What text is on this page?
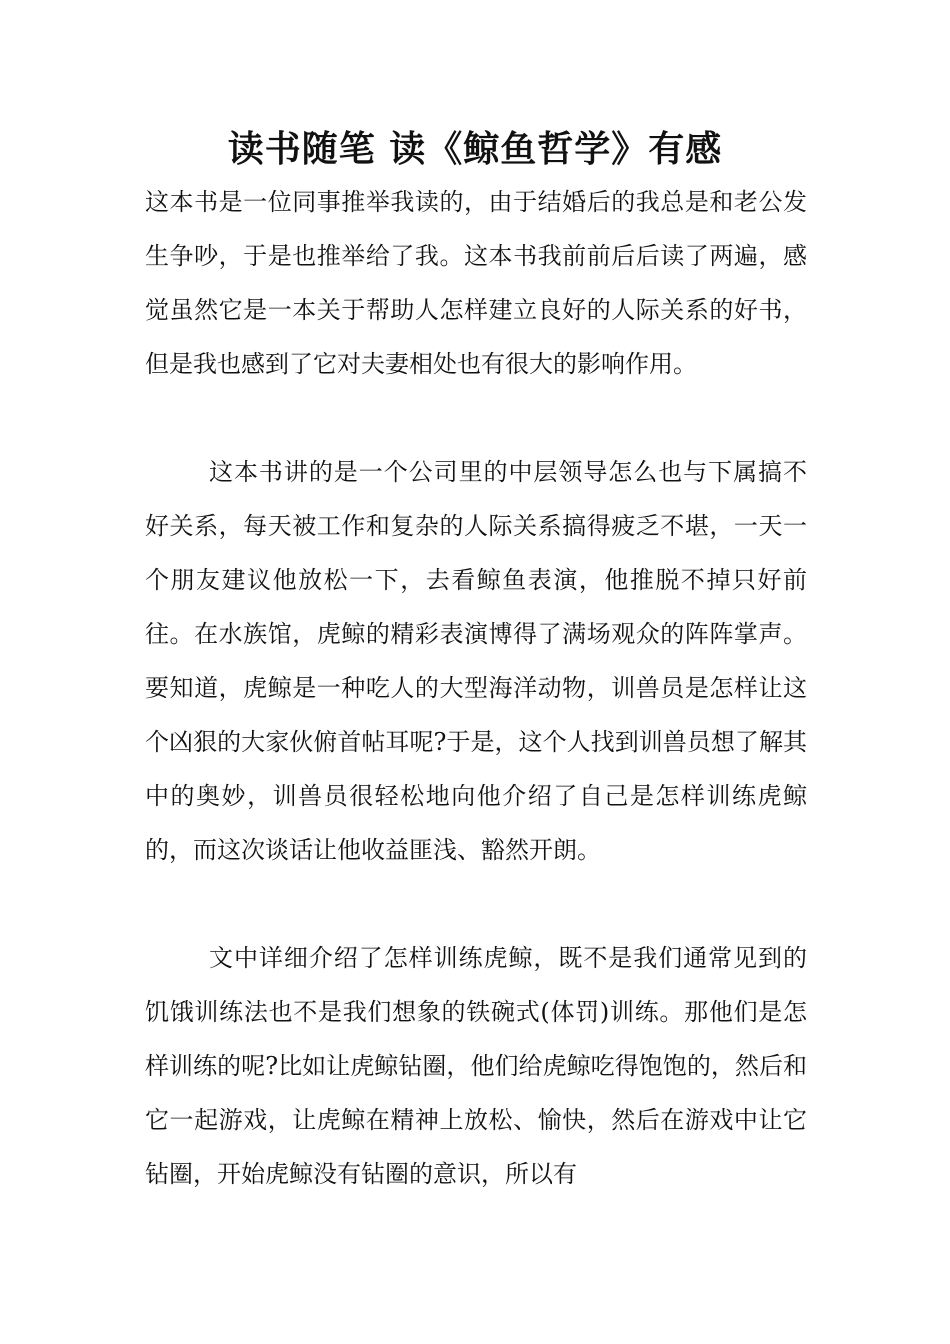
读书随笔 读《鲸鱼哲学》有感

这本书是一位同事推举我读的，由于结婚后的我总是和老公发生争吵，于是也推举给了我。这本书我前前后后读了两遍，感觉虽然它是一本关于帮助人怎样建立良好的人际关系的好书，但是我也感到了它对夫妻相处也有很大的影响作用。

这本书讲的是一个公司里的中层领导怎么也与下属搞不好关系，每天被工作和复杂的人际关系搞得疲乏不堪，一天一个朋友建议他放松一下，去看鲸鱼表演，他推脱不掉只好前往。在水族馆，虎鲸的精彩表演博得了满场观众的阵阵掌声。要知道，虎鲸是一种吃人的大型海洋动物，训兽员是怎样让这个凶狠的大家伙俯首帖耳呢?于是，这个人找到训兽员想了解其中的奥妙，训兽员很轻松地向他介绍了自己是怎样训练虎鲸的，而这次谈话让他收益匪浅、豁然开朗。

文中详细介绍了怎样训练虎鲸，既不是我们通常见到的饥饿训练法也不是我们想象的铁碗式(体罚)训练。那他们是怎样训练的呢?比如让虎鲸钻圈，他们给虎鲸吃得饱饱的，然后和它一起游戏，让虎鲸在精神上放松、愉快，然后在游戏中让它钻圈，开始虎鲸没有钻圈的意识，所以有
